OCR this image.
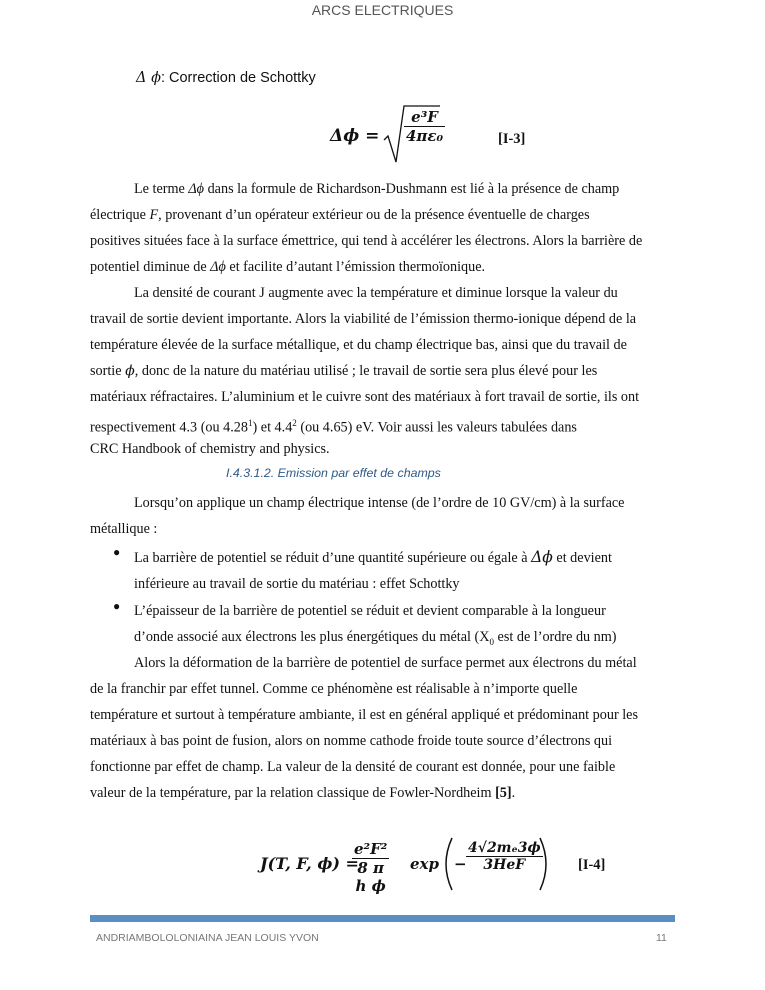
ARCS ELECTRIQUES
Δ 𝜙: Correction de Schottky
$\Delta\phi = \frac{\text{e³F}}{\text{4πε₀}}$	[I-3]
Le terme Δϕ dans la formule de Richardson-Dushmann est lié à la présence de champ
électrique F, provenant d’un opérateur extérieur ou de la présence éventuelle de charges
positives situées face à la surface émettrice, qui tend à accélérer les électrons. Alors la barrière de
potentiel diminue de Δϕ et facilite d’autant l’émission thermoïonique.
La densité de courant J augmente avec la température et diminue lorsque la valeur du
travail de sortie devient importante. Alors la viabilité de l’émission thermo-ionique dépend de la
température élevée de la surface métallique, et du champ électrique bas, ainsi que du travail de
sortie 𝜙, donc de la nature du matériau utilisé ; le travail de sortie sera plus élevé pour les
matériaux réfractaires. L’aluminium et le cuivre sont des matériaux à fort travail de sortie, ils ont
respectivement 4.3 (ou 4.28$^1$) et $4.4^2$ (ou 4.65) eV. Voir aussi les valeurs tabulées dans
CRC Handbook of chemistry and physics.
I.4.3.1.2. Emission par effet de champs
Lorsqu’on applique un champ électrique intense (de l’ordre de 10 GV/cm) à la surface
métallique :
● La barrière de potentiel se réduit d’une quantité supérieure ou égale à Δ𝜙 et devient
inférieure au travail de sortie du matériau : effet Schottky
● L’épaisseur de la barrière de potentiel se réduit et devient comparable à la longueur
d’onde associé aux électrons les plus énergétiques du métal ($X_0$ est de l’ordre du nm)
Alors la déformation de la barrière de potentiel de surface permet aux électrons du métal
de la franchir par effet tunnel. Comme ce phénomène est réalisable à n’importe quelle
température et surtout à température ambiante, il est en général appliqué et prédominant pour les
matériaux à bas point de fusion, alors on nomme cathode froide toute source d’électrons qui
fonctionne par effet de champ. La valeur de la densité de courant est donnée, pour une faible
valeur de la température, par la relation classique de Fowler-Nordheim [5].
J(T, F, ϕ) =
$\frac{\text{e²F²}}{\text{8 π h ϕ}}$ $\exp - \frac{\text{4√2mₑ3ϕ}}{\text{3HeF}} [I-4]$
ANDRIAMBOLOLONIAINA JEAN LOUIS YVON	11
